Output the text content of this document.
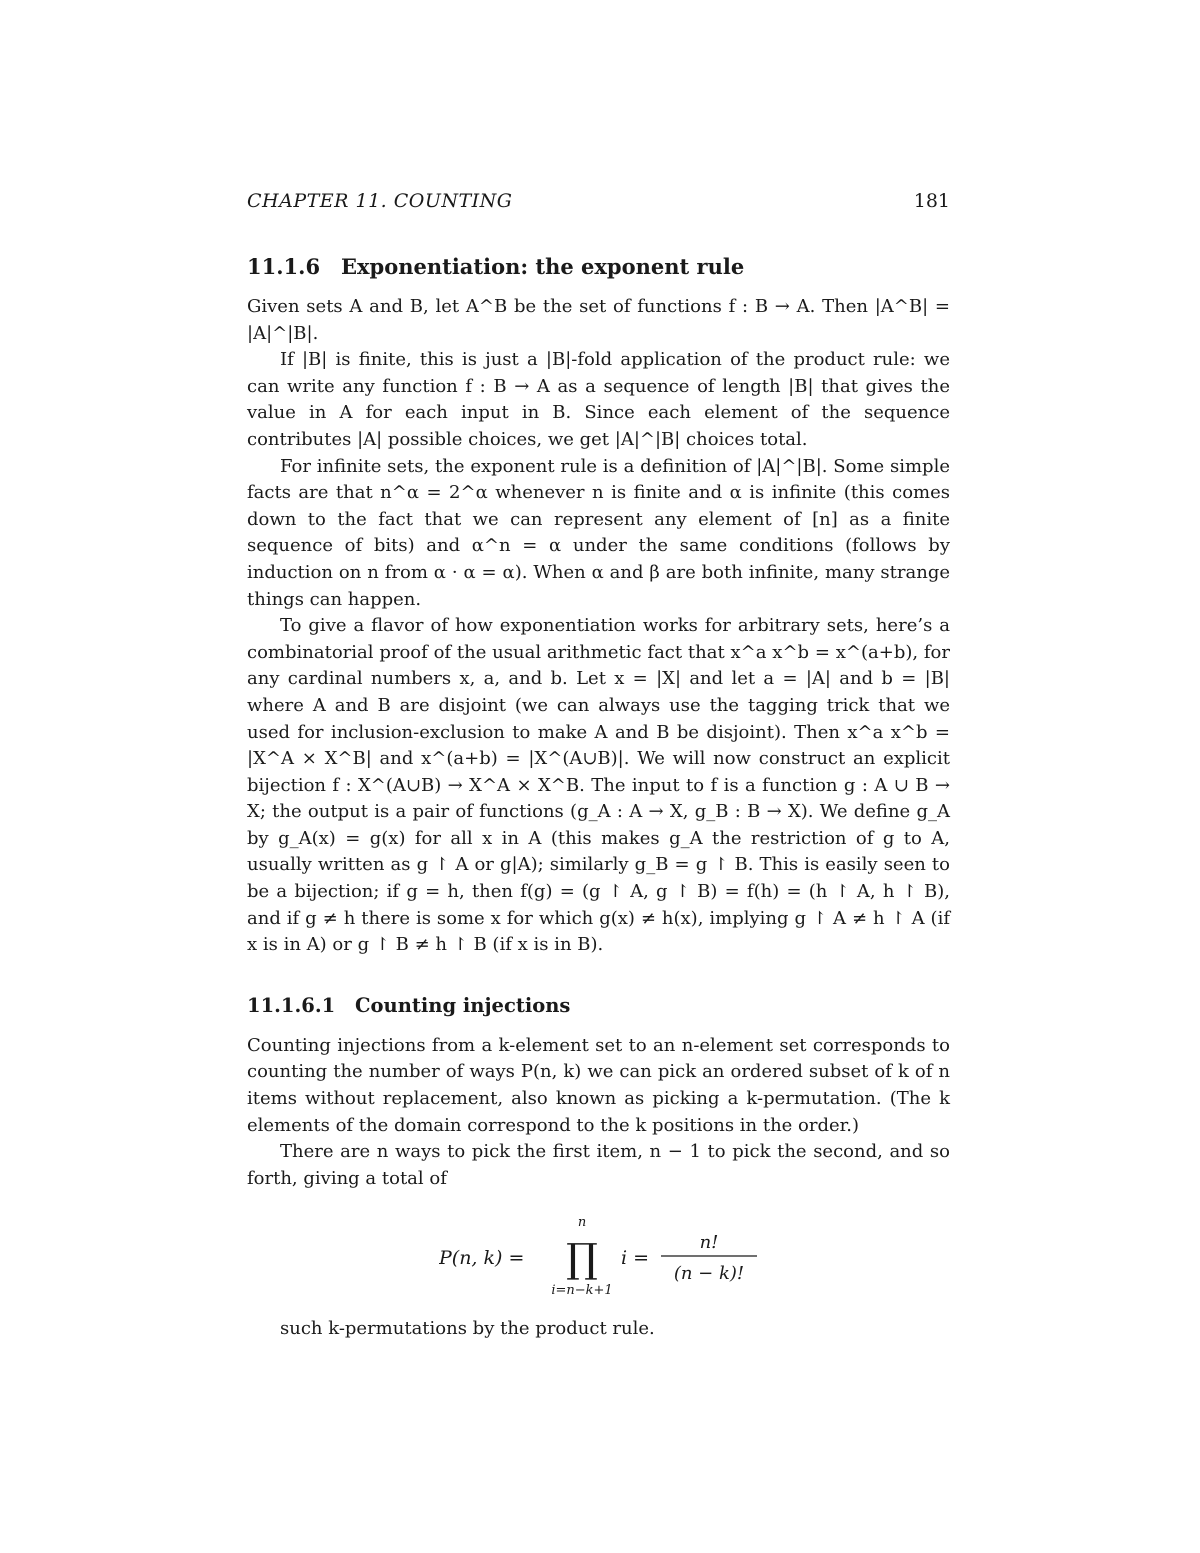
CHAPTER 11. COUNTING	181
11.1.6 Exponentiation: the exponent rule

Given sets A and B, let A^B be the set of functions f : B → A. Then |A^B| = |A|^|B|.

If |B| is finite, this is just a |B|-fold application of the product rule: we can write any function f : B → A as a sequence of length |B| that gives the value in A for each input in B. Since each element of the sequence contributes |A| possible choices, we get |A|^|B| choices total.

For infinite sets, the exponent rule is a definition of |A|^|B|. Some simple facts are that n^α = 2^α whenever n is finite and α is infinite (this comes down to the fact that we can represent any element of [n] as a finite sequence of bits) and α^n = α under the same conditions (follows by induction on n from α · α = α). When α and β are both infinite, many strange things can happen.

To give a flavor of how exponentiation works for arbitrary sets, here’s a combinatorial proof of the usual arithmetic fact that x^a x^b = x^(a+b), for any cardinal numbers x, a, and b. Let x = |X| and let a = |A| and b = |B| where A and B are disjoint (we can always use the tagging trick that we used for inclusion-exclusion to make A and B be disjoint). Then x^a x^b = |X^A × X^B| and x^(a+b) = |X^(A∪B)|. We will now construct an explicit bijection f : X^(A∪B) → X^A × X^B. The input to f is a function g : A ∪ B → X; the output is a pair of functions (g_A : A → X, g_B : B → X). We define g_A by g_A(x) = g(x) for all x in A (this makes g_A the restriction of g to A, usually written as g ↾ A or g|A); similarly g_B = g ↾ B. This is easily seen to be a bijection; if g = h, then f(g) = (g ↾ A, g ↾ B) = f(h) = (h ↾ A, h ↾ B), and if g ≠ h there is some x for which g(x) ≠ h(x), implying g ↾ A ≠ h ↾ A (if x is in A) or g ↾ B ≠ h ↾ B (if x is in B).

11.1.6.1 Counting injections

Counting injections from a k-element set to an n-element set corresponds to counting the number of ways P(n, k) we can pick an ordered subset of k of n items without replacement, also known as picking a k-permutation. (The k elements of the domain correspond to the k positions in the order.)

There are n ways to pick the first item, n − 1 to pick the second, and so forth, giving a total of

P(n, k) =
n
∏
i=n−k+1
i =
n!
(n − k)!

such k-permutations by the product rule.
